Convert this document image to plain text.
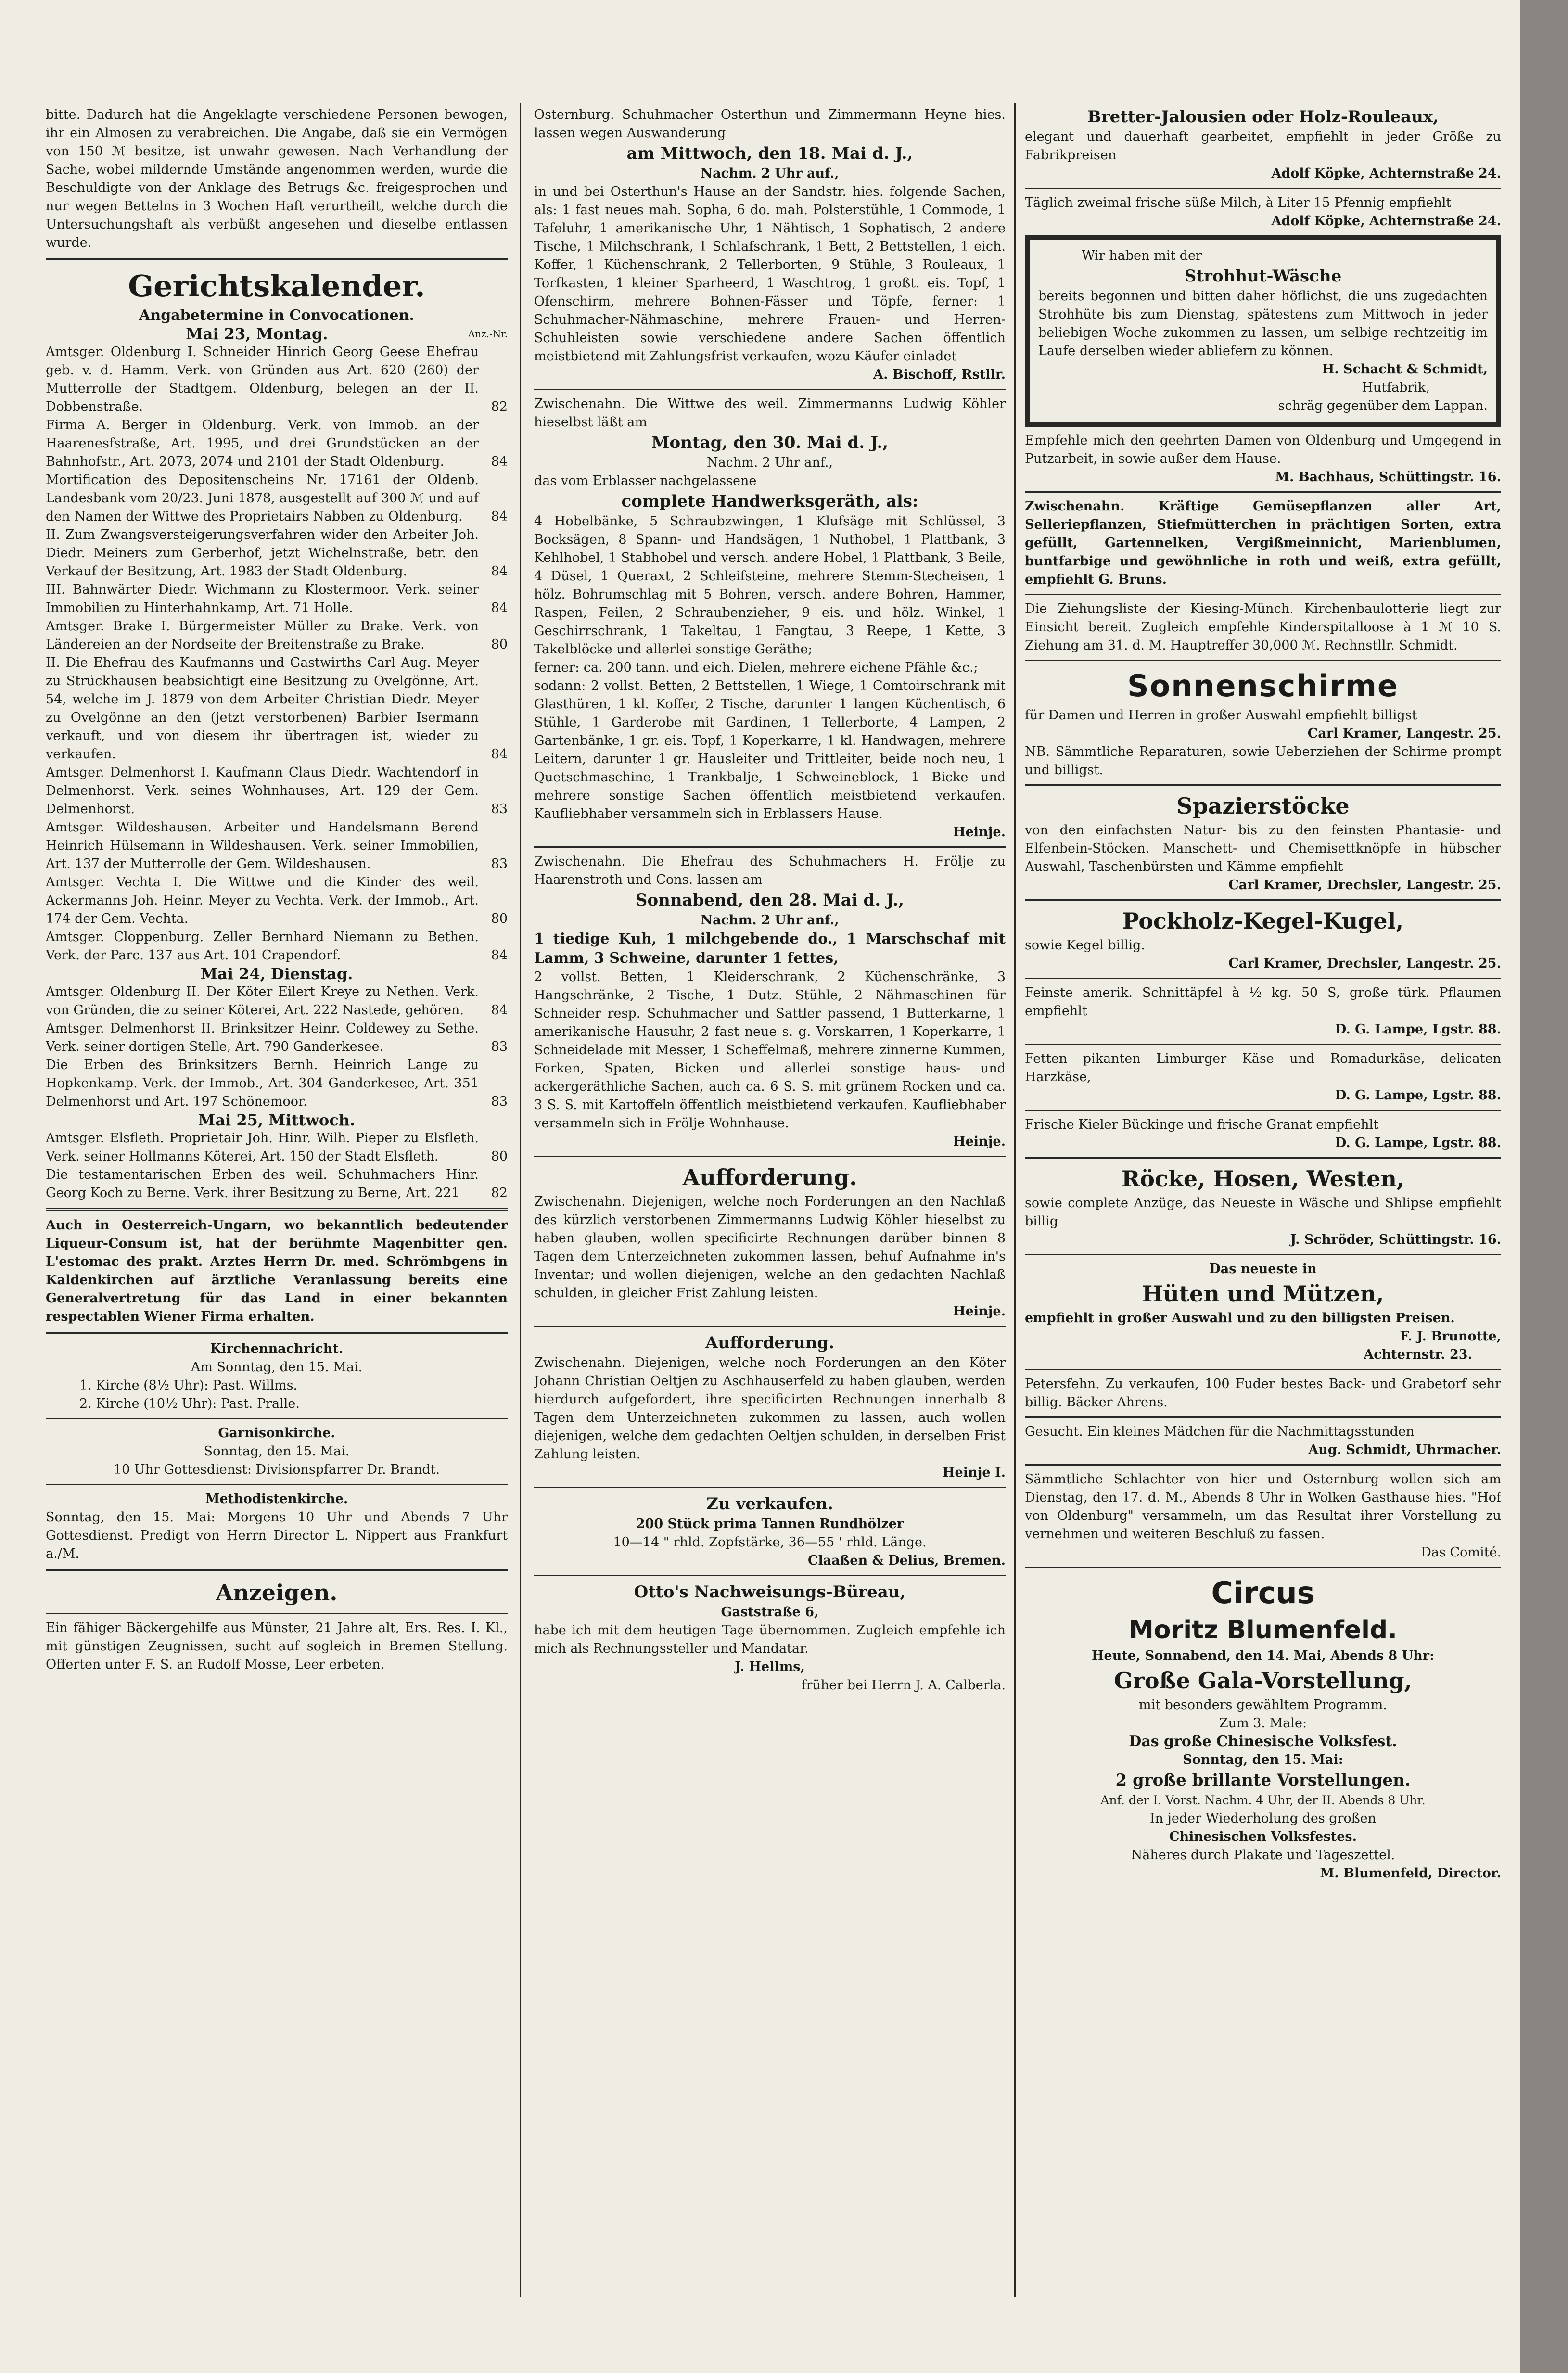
bitte. Dadurch hat die Angeklagte verschiedene Personen bewogen, ihr ein Almosen zu verabreichen. Die Angabe, daß sie ein Vermögen von 150 ℳ besitze, ist unwahr gewesen. Nach Verhandlung der Sache, wobei mildernde Umstände angenommen werden, wurde die Beschuldigte von der Anklage des Betrugs &c. freigesprochen und nur wegen Bettelns in 3 Wochen Haft verurtheilt, welche durch die Untersuchungshaft als verbüßt angesehen und dieselbe entlassen wurde.

Gerichtskalender.
Angabetermine in Convocationen.
Mai 23, Montag.	Anz.-Nr.

Amtsger. Oldenburg I. Schneider Hinrich Georg Geese Ehefrau geb. v. d. Hamm. Verk. von Gründen aus Art. 620 (260) der Mutterrolle der Stadtgem. Oldenburg, belegen an der II. Dobbenstraße.	82

Firma A. Berger in Oldenburg. Verk. von Immob. an der Haarenesfstraße, Art. 1995, und drei Grundstücken an der Bahnhofstr., Art. 2073, 2074 und 2101 der Stadt Oldenburg.	84

Mortification des Depositenscheins Nr. 17161 der Oldenb. Landesbank vom 20/23. Juni 1878, ausgestellt auf 300 ℳ und auf den Namen der Wittwe des Proprietairs Nabben zu Oldenburg.	84

II. Zum Zwangsversteigerungsverfahren wider den Arbeiter Joh. Diedr. Meiners zum Gerberhof, jetzt Wichelnstraße, betr. den Verkauf der Besitzung, Art. 1983 der Stadt Oldenburg.	84

III. Bahnwärter Diedr. Wichmann zu Klostermoor. Verk. seiner Immobilien zu Hinterhahnkamp, Art. 71 Holle.	84

Amtsger. Brake I. Bürgermeister Müller zu Brake. Verk. von Ländereien an der Nordseite der Breitenstraße zu Brake.	80

II. Die Ehefrau des Kaufmanns und Gastwirths Carl Aug. Meyer zu Strückhausen beabsichtigt eine Besitzung zu Ovelgönne, Art. 54, welche im J. 1879 von dem Arbeiter Christian Diedr. Meyer zu Ovelgönne an den (jetzt verstorbenen) Barbier Isermann verkauft, und von diesem ihr übertragen ist, wieder zu verkaufen.	84

Amtsger. Delmenhorst I. Kaufmann Claus Diedr. Wachtendorf in Delmenhorst. Verk. seines Wohnhauses, Art. 129 der Gem. Delmenhorst.	83

Amtsger. Wildeshausen. Arbeiter und Handelsmann Berend Heinrich Hülsemann in Wildeshausen. Verk. seiner Immobilien, Art. 137 der Mutterrolle der Gem. Wildeshausen.	83

Amtsger. Vechta I. Die Wittwe und die Kinder des weil. Ackermanns Joh. Heinr. Meyer zu Vechta. Verk. der Immob., Art. 174 der Gem. Vechta.	80

Amtsger. Cloppenburg. Zeller Bernhard Niemann zu Bethen. Verk. der Parc. 137 aus Art. 101 Crapendorf.	84
Mai 24, Dienstag.

Amtsger. Oldenburg II. Der Köter Eilert Kreye zu Nethen. Verk. von Gründen, die zu seiner Köterei, Art. 222 Nastede, gehören.	84

Amtsger. Delmenhorst II. Brinksitzer Heinr. Coldewey zu Sethe. Verk. seiner dortigen Stelle, Art. 790 Ganderkesee.	83

Die Erben des Brinksitzers Bernh. Heinrich Lange zu Hopkenkamp. Verk. der Immob., Art. 304 Ganderkesee, Art. 351 Delmenhorst und Art. 197 Schönemoor.	83
Mai 25, Mittwoch.

Amtsger. Elsfleth. Proprietair Joh. Hinr. Wilh. Pieper zu Elsfleth. Verk. seiner Hollmanns Köterei, Art. 150 der Stadt Elsfleth.	80

Die testamentarischen Erben des weil. Schuhmachers Hinr. Georg Koch zu Berne. Verk. ihrer Besitzung zu Berne, Art. 221	82

Auch in Oesterreich-Ungarn, wo bekanntlich bedeutender Liqueur-Consum ist, hat der berühmte Magenbitter gen. L'estomac des prakt. Arztes Herrn Dr. med. Schrömbgens in Kaldenkirchen auf ärztliche Veranlassung bereits eine Generalvertretung für das Land in einer bekannten respectablen Wiener Firma erhalten.

Kirchennachricht.
Am Sonntag, den 15. Mai.
1. Kirche (8½ Uhr): Past. Willms.
2. Kirche (10½ Uhr): Past. Pralle.
Garnisonkirche.
Sonntag, den 15. Mai.
10 Uhr Gottesdienst: Divisionspfarrer Dr. Brandt.
Methodistenkirche.

Sonntag, den 15. Mai: Morgens 10 Uhr und Abends 7 Uhr Gottesdienst. Predigt von Herrn Director L. Nippert aus Frankfurt a./M.

Anzeigen.

Ein fähiger Bäckergehilfe aus Münster, 21 Jahre alt, Ers. Res. I. Kl., mit günstigen Zeugnissen, sucht auf sogleich in Bremen Stellung. Offerten unter F. S. an Rudolf Mosse, Leer erbeten.

Osternburg. Schuhmacher Osterthun und Zimmermann Heyne hies. lassen wegen Auswanderung

am Mittwoch, den 18. Mai d. J.,
Nachm. 2 Uhr auf.,

in und bei Osterthun's Hause an der Sandstr. hies. folgende Sachen, als: 1 fast neues mah. Sopha, 6 do. mah. Polsterstühle, 1 Commode, 1 Tafeluhr, 1 amerikanische Uhr, 1 Nähtisch, 1 Sophatisch, 2 andere Tische, 1 Milchschrank, 1 Schlafschrank, 1 Bett, 2 Bettstellen, 1 eich. Koffer, 1 Küchenschrank, 2 Tellerborten, 9 Stühle, 3 Rouleaux, 1 Torfkasten, 1 kleiner Sparheerd, 1 Waschtrog, 1 großt. eis. Topf, 1 Ofenschirm, mehrere Bohnen-Fässer und Töpfe, ferner: 1 Schuhmacher-Nähmaschine, mehrere Frauen- und Herren-Schuhleisten sowie verschiedene andere Sachen öffentlich meistbietend mit Zahlungsfrist verkaufen, wozu Käufer einladet

A. Bischoff, Rstllr.

Zwischenahn. Die Wittwe des weil. Zimmermanns Ludwig Köhler hieselbst läßt am

Montag, den 30. Mai d. J.,
Nachm. 2 Uhr anf.,
das vom Erblasser nachgelassene
complete Handwerksgeräth, als:

4 Hobelbänke, 5 Schraubzwingen, 1 Klufsäge mit Schlüssel, 3 Bocksägen, 8 Spann- und Handsägen, 1 Nuthobel, 1 Plattbank, 3 Kehlhobel, 1 Stabhobel und versch. andere Hobel, 1 Plattbank, 3 Beile, 4 Düsel, 1 Queraxt, 2 Schleifsteine, mehrere Stemm-Stecheisen, 1 hölz. Bohrumschlag mit 5 Bohren, versch. andere Bohren, Hammer, Raspen, Feilen, 2 Schraubenzieher, 9 eis. und hölz. Winkel, 1 Geschirrschrank, 1 Takeltau, 1 Fangtau, 3 Reepe, 1 Kette, 3 Takelblöcke und allerlei sonstige Geräthe;

ferner: ca. 200 tann. und eich. Dielen, mehrere eichene Pfähle &c.;

sodann: 2 vollst. Betten, 2 Bettstellen, 1 Wiege, 1 Comtoirschrank mit Glasthüren, 1 kl. Koffer, 2 Tische, darunter 1 langen Küchentisch, 6 Stühle, 1 Garderobe mit Gardinen, 1 Tellerborte, 4 Lampen, 2 Gartenbänke, 1 gr. eis. Topf, 1 Koperkarre, 1 kl. Handwagen, mehrere Leitern, darunter 1 gr. Hausleiter und Trittleiter, beide noch neu, 1 Quetschmaschine, 1 Trankbalje, 1 Schweineblock, 1 Bicke und mehrere sonstige Sachen öffentlich meistbietend verkaufen. Kaufliebhaber versammeln sich in Erblassers Hause.

Heinje.

Zwischenahn. Die Ehefrau des Schuhmachers H. Frölje zu Haarenstroth und Cons. lassen am

Sonnabend, den 28. Mai d. J.,
Nachm. 2 Uhr anf.,

1 tiedige Kuh, 1 milchgebende do., 1 Marschschaf mit Lamm, 3 Schweine, darunter 1 fettes,

2 vollst. Betten, 1 Kleiderschrank, 2 Küchenschränke, 3 Hangschränke, 2 Tische, 1 Dutz. Stühle, 2 Nähmaschinen für Schneider resp. Schuhmacher und Sattler passend, 1 Butterkarne, 1 amerikanische Hausuhr, 2 fast neue s. g. Vorskarren, 1 Koperkarre, 1 Schneidelade mit Messer, 1 Scheffelmaß, mehrere zinnerne Kummen, Forken, Spaten, Bicken und allerlei sonstige haus- und ackergeräthliche Sachen, auch ca. 6 S. S. mit grünem Rocken und ca. 3 S. S. mit Kartoffeln öffentlich meistbietend verkaufen. Kaufliebhaber versammeln sich in Frölje Wohnhause.

Heinje.
Aufforderung.

Zwischenahn. Diejenigen, welche noch Forderungen an den Nachlaß des kürzlich verstorbenen Zimmermanns Ludwig Köhler hieselbst zu haben glauben, wollen specificirte Rechnungen darüber binnen 8 Tagen dem Unterzeichneten zukommen lassen, behuf Aufnahme in's Inventar; und wollen diejenigen, welche an den gedachten Nachlaß schulden, in gleicher Frist Zahlung leisten.

Heinje.
Aufforderung.

Zwischenahn. Diejenigen, welche noch Forderungen an den Köter Johann Christian Oeltjen zu Aschhauserfeld zu haben glauben, werden hierdurch aufgefordert, ihre specificirten Rechnungen innerhalb 8 Tagen dem Unterzeichneten zukommen zu lassen, auch wollen diejenigen, welche dem gedachten Oeltjen schulden, in derselben Frist Zahlung leisten.

Heinje I.
Zu verkaufen.
200 Stück prima Tannen Rundhölzer
10—14 " rhld. Zopfstärke, 36—55 ' rhld. Länge.
Claaßen & Delius, Bremen.
Otto's Nachweisungs-Büreau,
Gaststraße 6,

habe ich mit dem heutigen Tage übernommen. Zugleich empfehle ich mich als Rechnungssteller und Mandatar.

J. Hellms,
früher bei Herrn J. A. Calberla.
Bretter-Jalousien oder Holz-Rouleaux,

elegant und dauerhaft gearbeitet, empfiehlt in jeder Größe zu Fabrikpreisen

Adolf Köpke, Achternstraße 24.

Täglich zweimal frische süße Milch, à Liter 15 Pfennig empfiehlt

Adolf Köpke, Achternstraße 24.
Wir haben mit der
Strohhut-Wäsche

bereits begonnen und bitten daher höflichst, die uns zugedachten Strohhüte bis zum Dienstag, spätestens zum Mittwoch in jeder beliebigen Woche zukommen zu lassen, um selbige rechtzeitig im Laufe derselben wieder abliefern zu können.

H. Schacht & Schmidt,
Hutfabrik,
schräg gegenüber dem Lappan.

Empfehle mich den geehrten Damen von Oldenburg und Umgegend in Putzarbeit, in sowie außer dem Hause.

M. Bachhaus, Schüttingstr. 16.

Zwischenahn. Kräftige Gemüsepflanzen aller Art, Selleriepflanzen, Stiefmütterchen in prächtigen Sorten, extra gefüllt, Gartennelken, Vergißmeinnicht, Marienblumen, buntfarbige und gewöhnliche in roth und weiß, extra gefüllt, empfiehlt G. Bruns.

Die Ziehungsliste der Kiesing-Münch. Kirchenbaulotterie liegt zur Einsicht bereit. Zugleich empfehle Kinderspitalloose à 1 ℳ 10 S. Ziehung am 31. d. M. Hauptreffer 30,000 ℳ. Rechnstllr. Schmidt.

Sonnenschirme

für Damen und Herren in großer Auswahl empfiehlt billigst

Carl Kramer, Langestr. 25.

NB. Sämmtliche Reparaturen, sowie Ueberziehen der Schirme prompt und billigst.

Spazierstöcke

von den einfachsten Natur- bis zu den feinsten Phantasie- und Elfenbein-Stöcken. Manschett- und Chemisettknöpfe in hübscher Auswahl, Taschenbürsten und Kämme empfiehlt

Carl Kramer, Drechsler, Langestr. 25.
Pockholz-Kegel-Kugel,
sowie Kegel billig.
Carl Kramer, Drechsler, Langestr. 25.

Feinste amerik. Schnittäpfel à ½ kg. 50 S, große türk. Pflaumen empfiehlt

D. G. Lampe, Lgstr. 88.

Fetten pikanten Limburger Käse und Romadurkäse, delicaten Harzkäse,

D. G. Lampe, Lgstr. 88.

Frische Kieler Bückinge und frische Granat empfiehlt

D. G. Lampe, Lgstr. 88.
Röcke, Hosen, Westen,

sowie complete Anzüge, das Neueste in Wäsche und Shlipse empfiehlt billig

J. Schröder, Schüttingstr. 16.
Das neueste in
Hüten und Mützen,

empfiehlt in großer Auswahl und zu den billigsten Preisen.

F. J. Brunotte,
Achternstr. 23.

Petersfehn. Zu verkaufen, 100 Fuder bestes Back- und Grabetorf sehr billig. Bäcker Ahrens.

Gesucht. Ein kleines Mädchen für die Nachmittagsstunden

Aug. Schmidt, Uhrmacher.

Sämmtliche Schlachter von hier und Osternburg wollen sich am Dienstag, den 17. d. M., Abends 8 Uhr in Wolken Gasthause hies. "Hof von Oldenburg" versammeln, um das Resultat ihrer Vorstellung zu vernehmen und weiteren Beschluß zu fassen.

Das Comité.
Circus
Moritz Blumenfeld.
Heute, Sonnabend, den 14. Mai, Abends 8 Uhr:
Große Gala-Vorstellung,
mit besonders gewähltem Programm.
Zum 3. Male:
Das große Chinesische Volksfest.
Sonntag, den 15. Mai:
2 große brillante Vorstellungen.
Anf. der I. Vorst. Nachm. 4 Uhr, der II. Abends 8 Uhr.
In jeder Wiederholung des großen
Chinesischen Volksfestes.
Näheres durch Plakate und Tageszettel.
M. Blumenfeld, Director.
